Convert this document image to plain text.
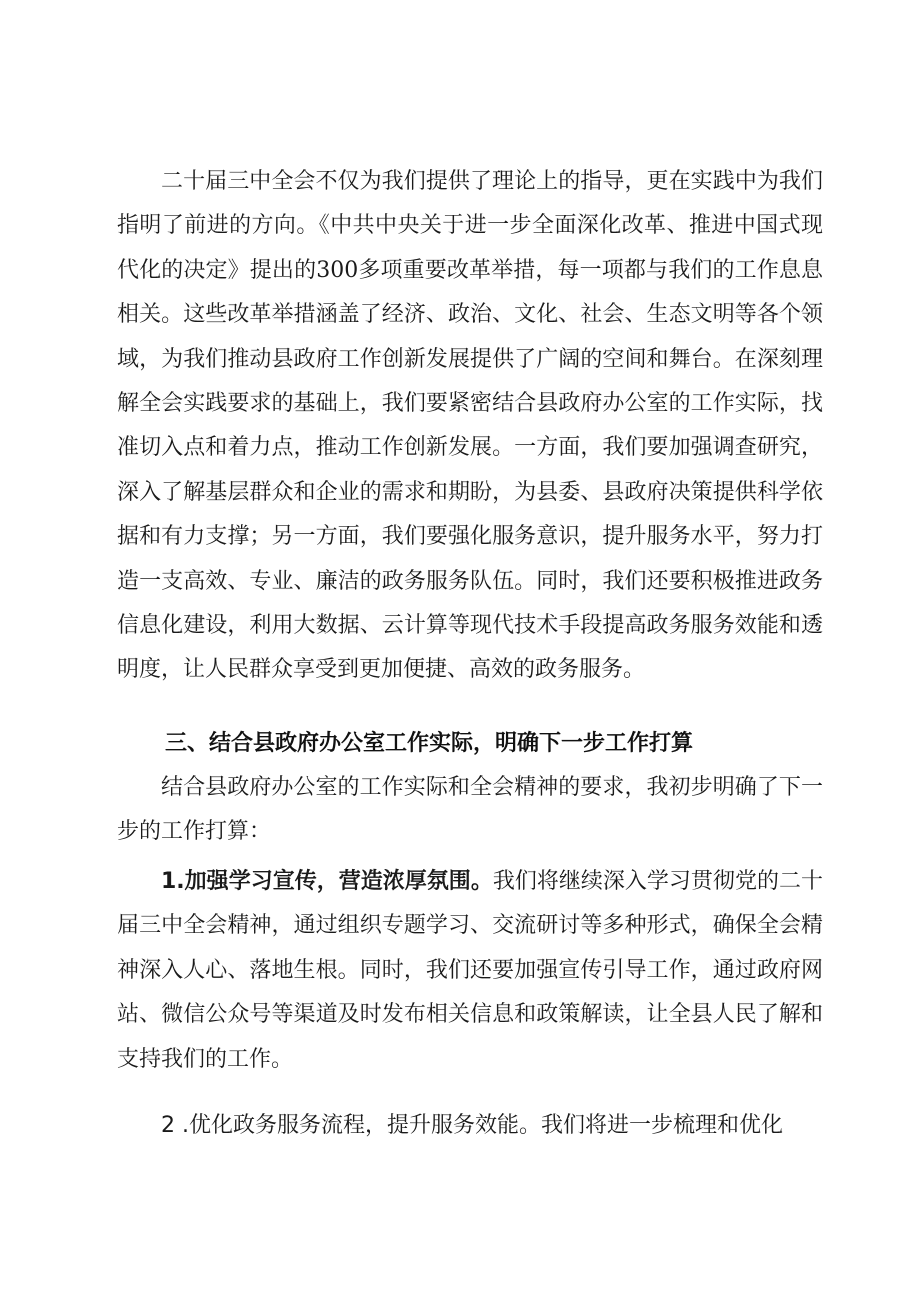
二十届三中全会不仅为我们提供了理论上的指导，更在实践中为我们指明了前进的方向。《中共中央关于进一步全面深化改革、推进中国式现代化的决定》提出的300多项重要改革举措，每一项都与我们的工作息息相关。这些改革举措涵盖了经济、政治、文化、社会、生态文明等各个领域，为我们推动县政府工作创新发展提供了广阔的空间和舞台。在深刻理解全会实践要求的基础上，我们要紧密结合县政府办公室的工作实际，找准切入点和着力点，推动工作创新发展。一方面，我们要加强调查研究，深入了解基层群众和企业的需求和期盼，为县委、县政府决策提供科学依据和有力支撑；另一方面，我们要强化服务意识，提升服务水平，努力打造一支高效、专业、廉洁的政务服务队伍。同时，我们还要积极推进政务信息化建设，利用大数据、云计算等现代技术手段提高政务服务效能和透明度，让人民群众享受到更加便捷、高效的政务服务。

三、结合县政府办公室工作实际，明确下一步工作打算

结合县政府办公室的工作实际和全会精神的要求，我初步明确了下一步的工作打算：

1.加强学习宣传，营造浓厚氛围。我们将继续深入学习贯彻党的二十届三中全会精神，通过组织专题学习、交流研讨等多种形式，确保全会精神深入人心、落地生根。同时，我们还要加强宣传引导工作，通过政府网站、微信公众号等渠道及时发布相关信息和政策解读，让全县人民了解和支持我们的工作。

2 .优化政务服务流程，提升服务效能。我们将进一步梳理和优化
